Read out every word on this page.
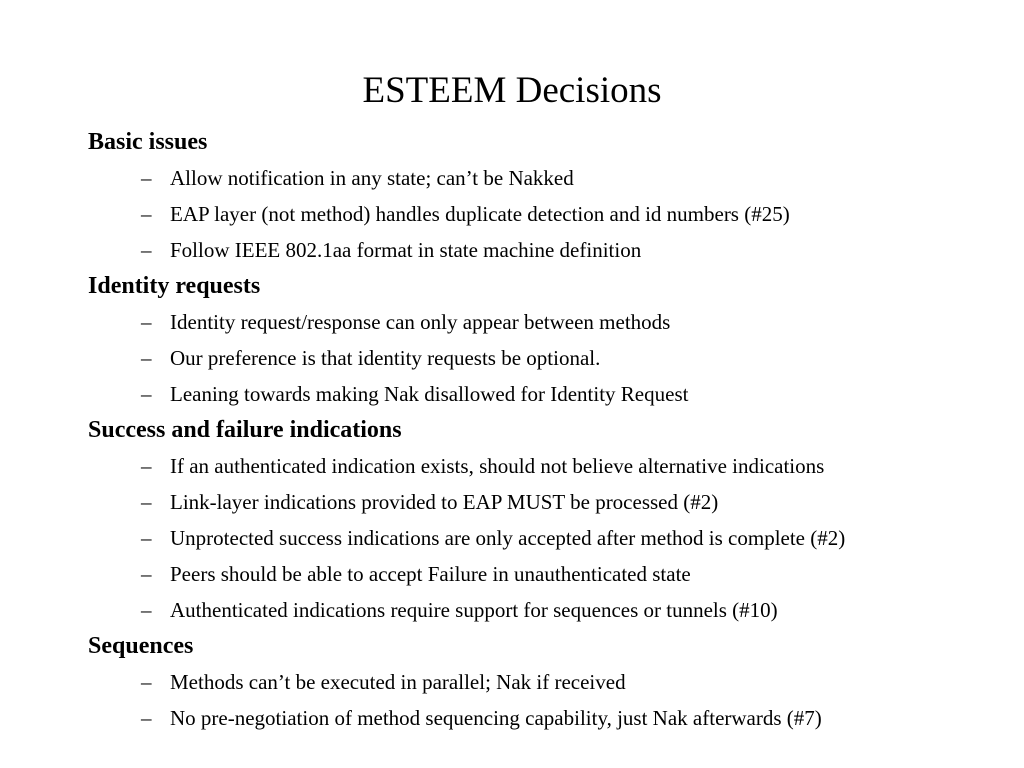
ESTEEM Decisions

Basic issues

– Allow notification in any state; can’t be Nakked
– EAP layer (not method) handles duplicate detection and id numbers (#25)
– Follow IEEE 802.1aa format in state machine definition

Identity requests

– Identity request/response can only appear between methods
– Our preference is that identity requests be optional.
– Leaning towards making Nak disallowed for Identity Request

Success and failure indications

– If an authenticated indication exists, should not believe alternative indications
– Link-layer indications provided to EAP MUST be processed (#2)
– Unprotected success indications are only accepted after method is complete (#2)
– Peers should be able to accept Failure in unauthenticated state
– Authenticated indications require support for sequences or tunnels (#10)

Sequences

– Methods can’t be executed in parallel; Nak if received
– No pre-negotiation of method sequencing capability, just Nak afterwards (#7)
